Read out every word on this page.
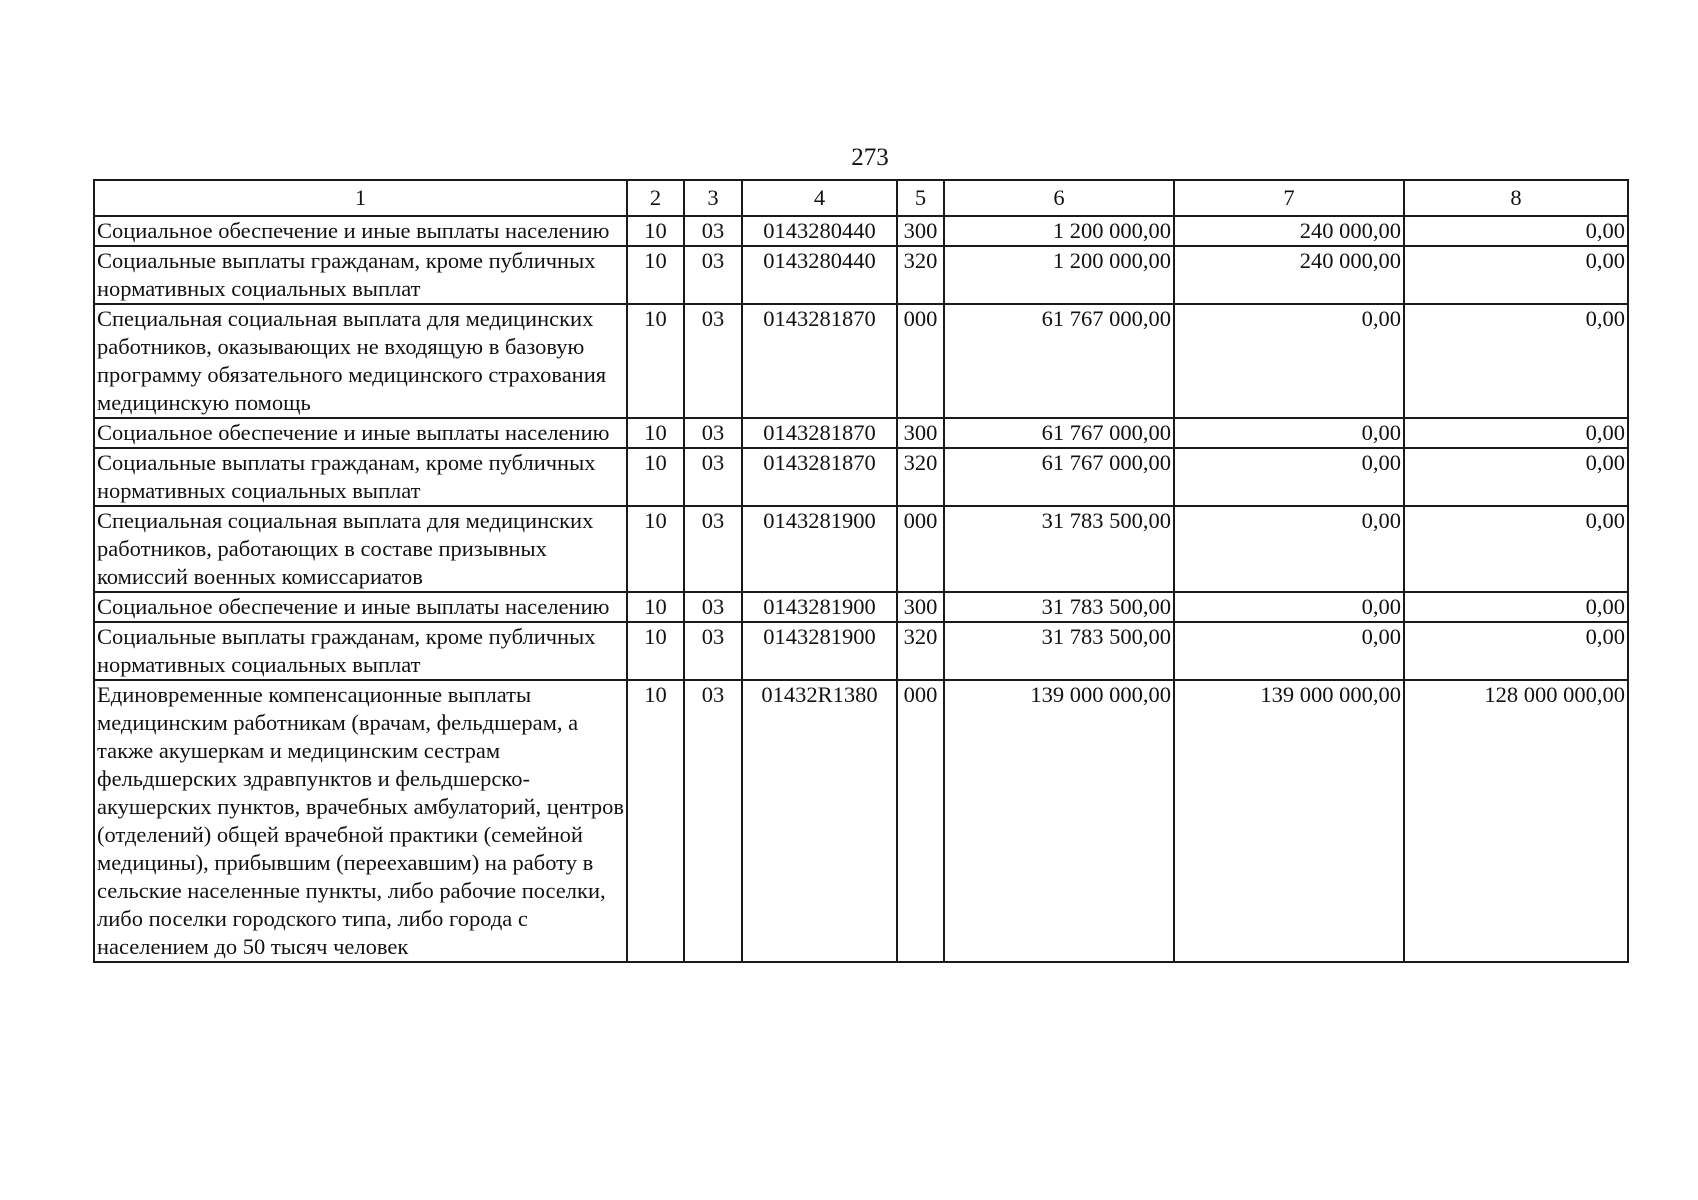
273
1	2	3	4	5	6	7	8
Социальное обеспечение и иные выплаты населению	10	03	0143280440	300	1 200 000,00	240 000,00	0,00
Социальные выплаты гражданам, кроме публичных нормативных социальных выплат	10	03	0143280440	320	1 200 000,00	240 000,00	0,00
Специальная социальная выплата для медицинских работников, оказывающих не входящую в базовую программу обязательного медицинского страхования медицинскую помощь	10	03	0143281870	000	61 767 000,00	0,00	0,00
Социальное обеспечение и иные выплаты населению	10	03	0143281870	300	61 767 000,00	0,00	0,00
Социальные выплаты гражданам, кроме публичных нормативных социальных выплат	10	03	0143281870	320	61 767 000,00	0,00	0,00
Специальная социальная выплата для медицинских работников, работающих в составе призывных комиссий военных комиссариатов	10	03	0143281900	000	31 783 500,00	0,00	0,00
Социальное обеспечение и иные выплаты населению	10	03	0143281900	300	31 783 500,00	0,00	0,00
Социальные выплаты гражданам, кроме публичных нормативных социальных выплат	10	03	0143281900	320	31 783 500,00	0,00	0,00
Единовременные компенсационные выплаты медицинским работникам (врачам, фельдшерам, а также акушеркам и медицинским сестрам фельдшерских здравпунктов и фельдшерско-акушерских пунктов, врачебных амбулаторий, центров (отделений) общей врачебной практики (семейной медицины), прибывшим (переехавшим) на работу в сельские населенные пункты, либо рабочие поселки, либо поселки городского типа, либо города с населением до 50 тысяч человек	10	03	01432R1380	000	139 000 000,00	139 000 000,00	128 000 000,00
